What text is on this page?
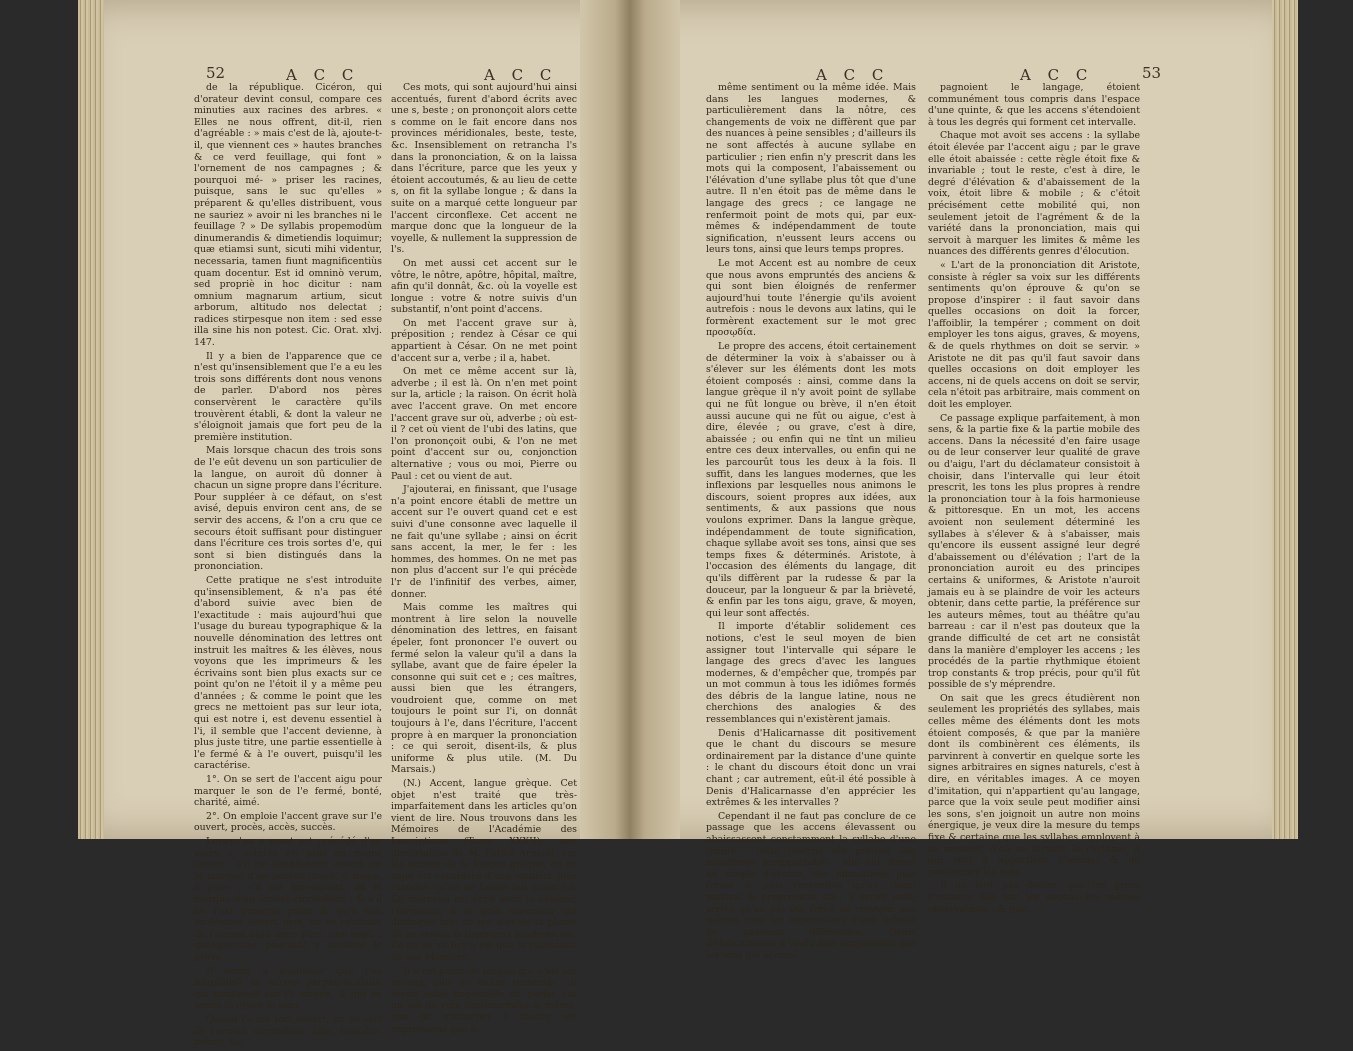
52	A C C	A C C

de la république. Cicéron, qui d'orateur devint consul, compare ces minuties aux racines des arbres. « Elles ne nous offrent, dit-il, rien d'agréable : » mais c'est de là, ajoute-t-il, que viennent ces » hautes branches & ce verd feuillage, qui font » l'ornement de nos campagnes ; & pourquoi mé- » priser les racines, puisque, sans le suc qu'elles » préparent & qu'elles distribuent, vous ne sauriez » avoir ni les branches ni le feuillage ? » De syllabis propemodùm dinumerandis & dimetiendis loquimur; quæ etiamsi sunt, sicuti mihi videntur, necessaria, tamen fiunt magnificentiùs quam docentur. Est id omninò verum, sed propriè in hoc dicitur : nam omnium magnarum artium, sicut arborum, altitudo nos delectat ; radices stirpesque non item : sed esse illa sine his non potest. Cic. Orat. xlvj. 147.

Il y a bien de l'apparence que ce n'est qu'insensiblement que l'e a eu les trois sons différents dont nous venons de parler. D'abord nos pères conservèrent le caractère qu'ils trouvèrent établi, & dont la valeur ne s'éloignoit jamais que fort peu de la première institution.

Mais lorsque chacun des trois sons de l'e eût devenu un son particulier de la langue, on auroit dû donner à chacun un signe propre dans l'écriture. Pour suppléer à ce défaut, on s'est avisé, depuis environ cent ans, de se servir des accens, & l'on a cru que ce secours étoit suffisant pour distinguer dans l'écriture ces trois sortes d'e, qui sont si bien distingués dans la prononciation.

Cette pratique ne s'est introduite qu'insensiblement, & n'a pas été d'abord suivie avec bien de l'exactitude : mais aujourd'hui que l'usage du bureau typographique & la nouvelle dénomination des lettres ont instruit les maîtres & les élèves, nous voyons que les imprimeurs & les écrivains sont bien plus exacts sur ce point qu'on ne l'étoit il y a même peu d'années ; & comme le point que les grecs ne mettoient pas sur leur iota, qui est notre i, est devenu essentiel à l'i, il semble que l'accent devienne, à plus juste titre, une partie essentielle à l'e fermé & à l'e ouvert, puisqu'il les caractérise.

1°. On se sert de l'accent aigu pour marquer le son de l'e fermé, bonté, charité, aimé.

2°. On emploie l'accent grave sur l'e ouvert, procès, accès, succès.

Lorsqu'un e muet est précédé d'un autre e, celui-ci est plus ou moins ouvert : s'il est simplement ouvert, on le marque d'un accent grave, il mène, il pèse ; s'il est très-ouvert, on le marque d'un accent circonflexe ; & s'il ne l'est presque point & qu'il soit seulement ouvert bref, on se contente de l'accent aigu, mon père, une règle ; quelques-uns pourtant y mettent le grave.

Il seroit à souhaiter que l'on introduisît un accent perpendiculaire qui tomberoit sur l'e moyen, & qui ne seroit ni grave ni aigu.

Quand l'e est fort ouvert, on se sert de l'accent circonflexe, tête, tempête, même, &c.

Ces mots, qui sont aujourd'hui ainsi accentués, furent d'abord écrits avec une s, beste ; on prononçoit alors cette s comme on le fait encore dans nos provinces méridionales, beste, teste, &c. Insensiblement on retrancha l's dans la prononciation, & on la laissa dans l'écriture, parce que les yeux y étoient accoutumés, & au lieu de cette s, on fit la syllabe longue ; & dans la suite on a marqué cette longueur par l'accent circonflexe. Cet accent ne marque donc que la longueur de la voyelle, & nullement la suppression de l's.

On met aussi cet accent sur le vôtre, le nôtre, apôtre, hôpital, maître, afin qu'il donnât, &c. où la voyelle est longue : votre & notre suivis d'un substantif, n'ont point d'accens.

On met l'accent grave sur à, préposition ; rendez à César ce qui appartient à César. On ne met point d'accent sur a, verbe ; il a, habet.

On met ce même accent sur là, adverbe ; il est là. On n'en met point sur la, article ; la raison. On écrit holà avec l'accent grave. On met encore l'accent grave sur où, adverbe ; où est-il ? cet où vient de l'ubi des latins, que l'on prononçoit oubi, & l'on ne met point d'accent sur ou, conjonction alternative ; vous ou moi, Pierre ou Paul : cet ou vient de aut.

J'ajouterai, en finissant, que l'usage n'a point encore établi de mettre un accent sur l'e ouvert quand cet e est suivi d'une consonne avec laquelle il ne fait qu'une syllabe ; ainsi on écrit sans accent, la mer, le fer : les hommes, des hommes. On ne met pas non plus d'accent sur l'e qui précède l'r de l'infinitif des verbes, aimer, donner.

Mais comme les maîtres qui montrent à lire selon la nouvelle dénomination des lettres, en faisant épeler, font prononcer l'e ouvert ou fermé selon la valeur qu'il a dans la syllabe, avant que de faire épeler la consonne qui suit cet e ; ces maîtres, aussi bien que les étrangers, voudroient que, comme on met toujours le point sur l'i, on donnât toujours à l'e, dans l'écriture, l'accent propre à en marquer la prononciation : ce qui seroit, disent-ils, & plus uniforme & plus utile. (M. Du Marsais.)

(N.) Accent, langue grèque. Cet objet n'est traité que très-imparfaitement dans les articles qu'on vient de lire. Nous trouvons dans les Mémoires de l'Académie des Inscriptions (Tome XXXII), une dissertation de M. l'abbé Arnaud, sur les accens de la langue grèque, où ce sujet est considéré d'une manière plus étendue qu'on ne l'avoit fait avant lui. Ce morceau est écrit avec la chaleur, l'élégance, & le goût supérieur qui distingue tout ce qui sort de la plume de ce savant & ingénieux académicien. Ce qu'on va lire n'est que la substance de son Mémoire.

Il n'est point de langue qui n'ait ses accens, plus ou moins ressentis ; il seroit aussi impossible de parler sur un ton de voix continuement le même, que de n'attacher à toutes ses expressions que le

A C C	A C C	53

même sentiment ou la même idée. Mais dans les langues modernes, & particulièrement dans la nôtre, ces changements de voix ne diffèrent que par des nuances à peine sensibles ; d'ailleurs ils ne sont affectés à aucune syllabe en particulier ; rien enfin n'y prescrit dans les mots qui la composent, l'abaissement ou l'élévation d'une syllabe plus tôt que d'une autre. Il n'en étoit pas de même dans le langage des grecs ; ce langage ne renfermoit point de mots qui, par eux-mêmes & indépendamment de toute signification, n'eussent leurs accens ou leurs tons, ainsi que leurs temps propres.

Le mot Accent est au nombre de ceux que nous avons empruntés des anciens & qui sont bien éloignés de renfermer aujourd'hui toute l'énergie qu'ils avoient autrefois : nous le devons aux latins, qui le formèrent exactement sur le mot grec προσῳδία.

Le propre des accens, étoit certainement de déterminer la voix à s'abaisser ou à s'élever sur les éléments dont les mots étoient composés : ainsi, comme dans la langue grèque il n'y avoit point de syllabe qui ne fût longue ou brève, il n'en étoit aussi aucune qui ne fût ou aigue, c'est à dire, élevée ; ou grave, c'est à dire, abaissée ; ou enfin qui ne tînt un milieu entre ces deux intervalles, ou enfin qui ne les parcourût tous les deux à la fois. Il suffit, dans les langues modernes, que les inflexions par lesquelles nous animons le discours, soient propres aux idées, aux sentiments, & aux passions que nous voulons exprimer. Dans la langue grèque, indépendamment de toute signification, chaque syllabe avoit ses tons, ainsi que ses temps fixes & déterminés. Aristote, à l'occasion des éléments du langage, dit qu'ils diffèrent par la rudesse & par la douceur, par la longueur & par la brièveté, & enfin par les tons aigu, grave, & moyen, qui leur sont affectés.

Il importe d'établir solidement ces notions, c'est le seul moyen de bien assigner tout l'intervalle qui sépare le langage des grecs d'avec les langues modernes, & d'empêcher que, trompés par un mot commun à tous les idiômes formés des débris de la langue latine, nous ne cherchions des analogies & des ressemblances qui n'existèrent jamais.

Denis d'Halicarnasse dit positivement que le chant du discours se mesure ordinairement par la distance d'une quinte : le chant du discours étoit donc un vrai chant ; car autrement, eût-il été possible à Denis d'Halicarnasse d'en apprécier les extrêmes & les intervalles ?

Cependant il ne faut pas conclure de ce passage que les accens élevassent ou abaissassent constamment la syllabe d'une quinte : cette marche eût produit une monotonie insupportable ; elle eût donné au simple discours, des intonations plus fortes & plus ressenties qu'au chant musical & proprement dit ; il seroit enfin arrivé qu'en eût été forcé de recevoir des mêmes tons les impressions d'une infinité de passions différentes. Denis d'Halicarnasse a voulu dire simplement que les tons qui accom-

pagnoient le langage, étoient communément tous compris dans l'espace d'une quinte, & que les accens s'étendoient à tous les degrés qui forment cet intervalle.

Chaque mot avoit ses accens : la syllabe étoit élevée par l'accent aigu ; par le grave elle étoit abaissée : cette règle étoit fixe & invariable ; tout le reste, c'est à dire, le degré d'élévation & d'abaissement de la voix, étoit libre & mobile ; & c'étoit précisément cette mobilité qui, non seulement jetoit de l'agrément & de la variété dans la prononciation, mais qui servoit à marquer les limites & même les nuances des différents genres d'élocution.

« L'art de la prononciation dit Aristote, consiste à régler sa voix sur les différents sentiments qu'on éprouve & qu'on se propose d'inspirer : il faut savoir dans quelles occasions on doit la forcer, l'affoiblir, la tempérer ; comment on doit employer les tons aigus, graves, & moyens, & de quels rhythmes on doit se servir. » Aristote ne dit pas qu'il faut savoir dans quelles occasions on doit employer les accens, ni de quels accens on doit se servir, cela n'étoit pas arbitraire, mais comment on doit les employer.

Ce passage explique parfaitement, à mon sens, & la partie fixe & la partie mobile des accens. Dans la nécessité d'en faire usage ou de leur conserver leur qualité de grave ou d'aigu, l'art du déclamateur consistoit à choisir, dans l'intervalle qui leur étoit prescrit, les tons les plus propres à rendre la prononciation tour à la fois harmonieuse & pittoresque. En un mot, les accens avoient non seulement déterminé les syllabes à s'élever & à s'abaisser, mais qu'encore ils eussent assigné leur degré d'abaissement ou d'élévation ; l'art de la prononciation auroit eu des principes certains & uniformes, & Aristote n'auroit jamais eu à se plaindre de voir les acteurs obtenir, dans cette partie, la préférence sur les auteurs mêmes, tout au théâtre qu'au barreau : car il n'est pas douteux que la grande difficulté de cet art ne consistât dans la manière d'employer les accens ; les procédés de la partie rhythmique étoient trop constants & trop précis, pour qu'il fût possible de s'y méprendre.

On sait que les grecs étudièrent non seulement les propriétés des syllabes, mais celles même des éléments dont les mots étoient composés, & que par la manière dont ils combinèrent ces éléments, ils parvinrent à convertir en quelque sorte les signes arbitraires en signes naturels, c'est à dire, en véritables images. A ce moyen d'imitation, qui n'appartient qu'au langage, parce que la voix seule peut modifier ainsi les sons, s'en joignoit un autre non moins énergique, je veux dire la mesure du temps fixe & certaine que les syllabes employent à se mouvoir, d'où se formoit le rhythme, à qui seul il appartient d'animer & de passionner les sons.

Il ne faut pas douter que les grecs n'eussent fait sur les accens les mêmes observations ; & que,
